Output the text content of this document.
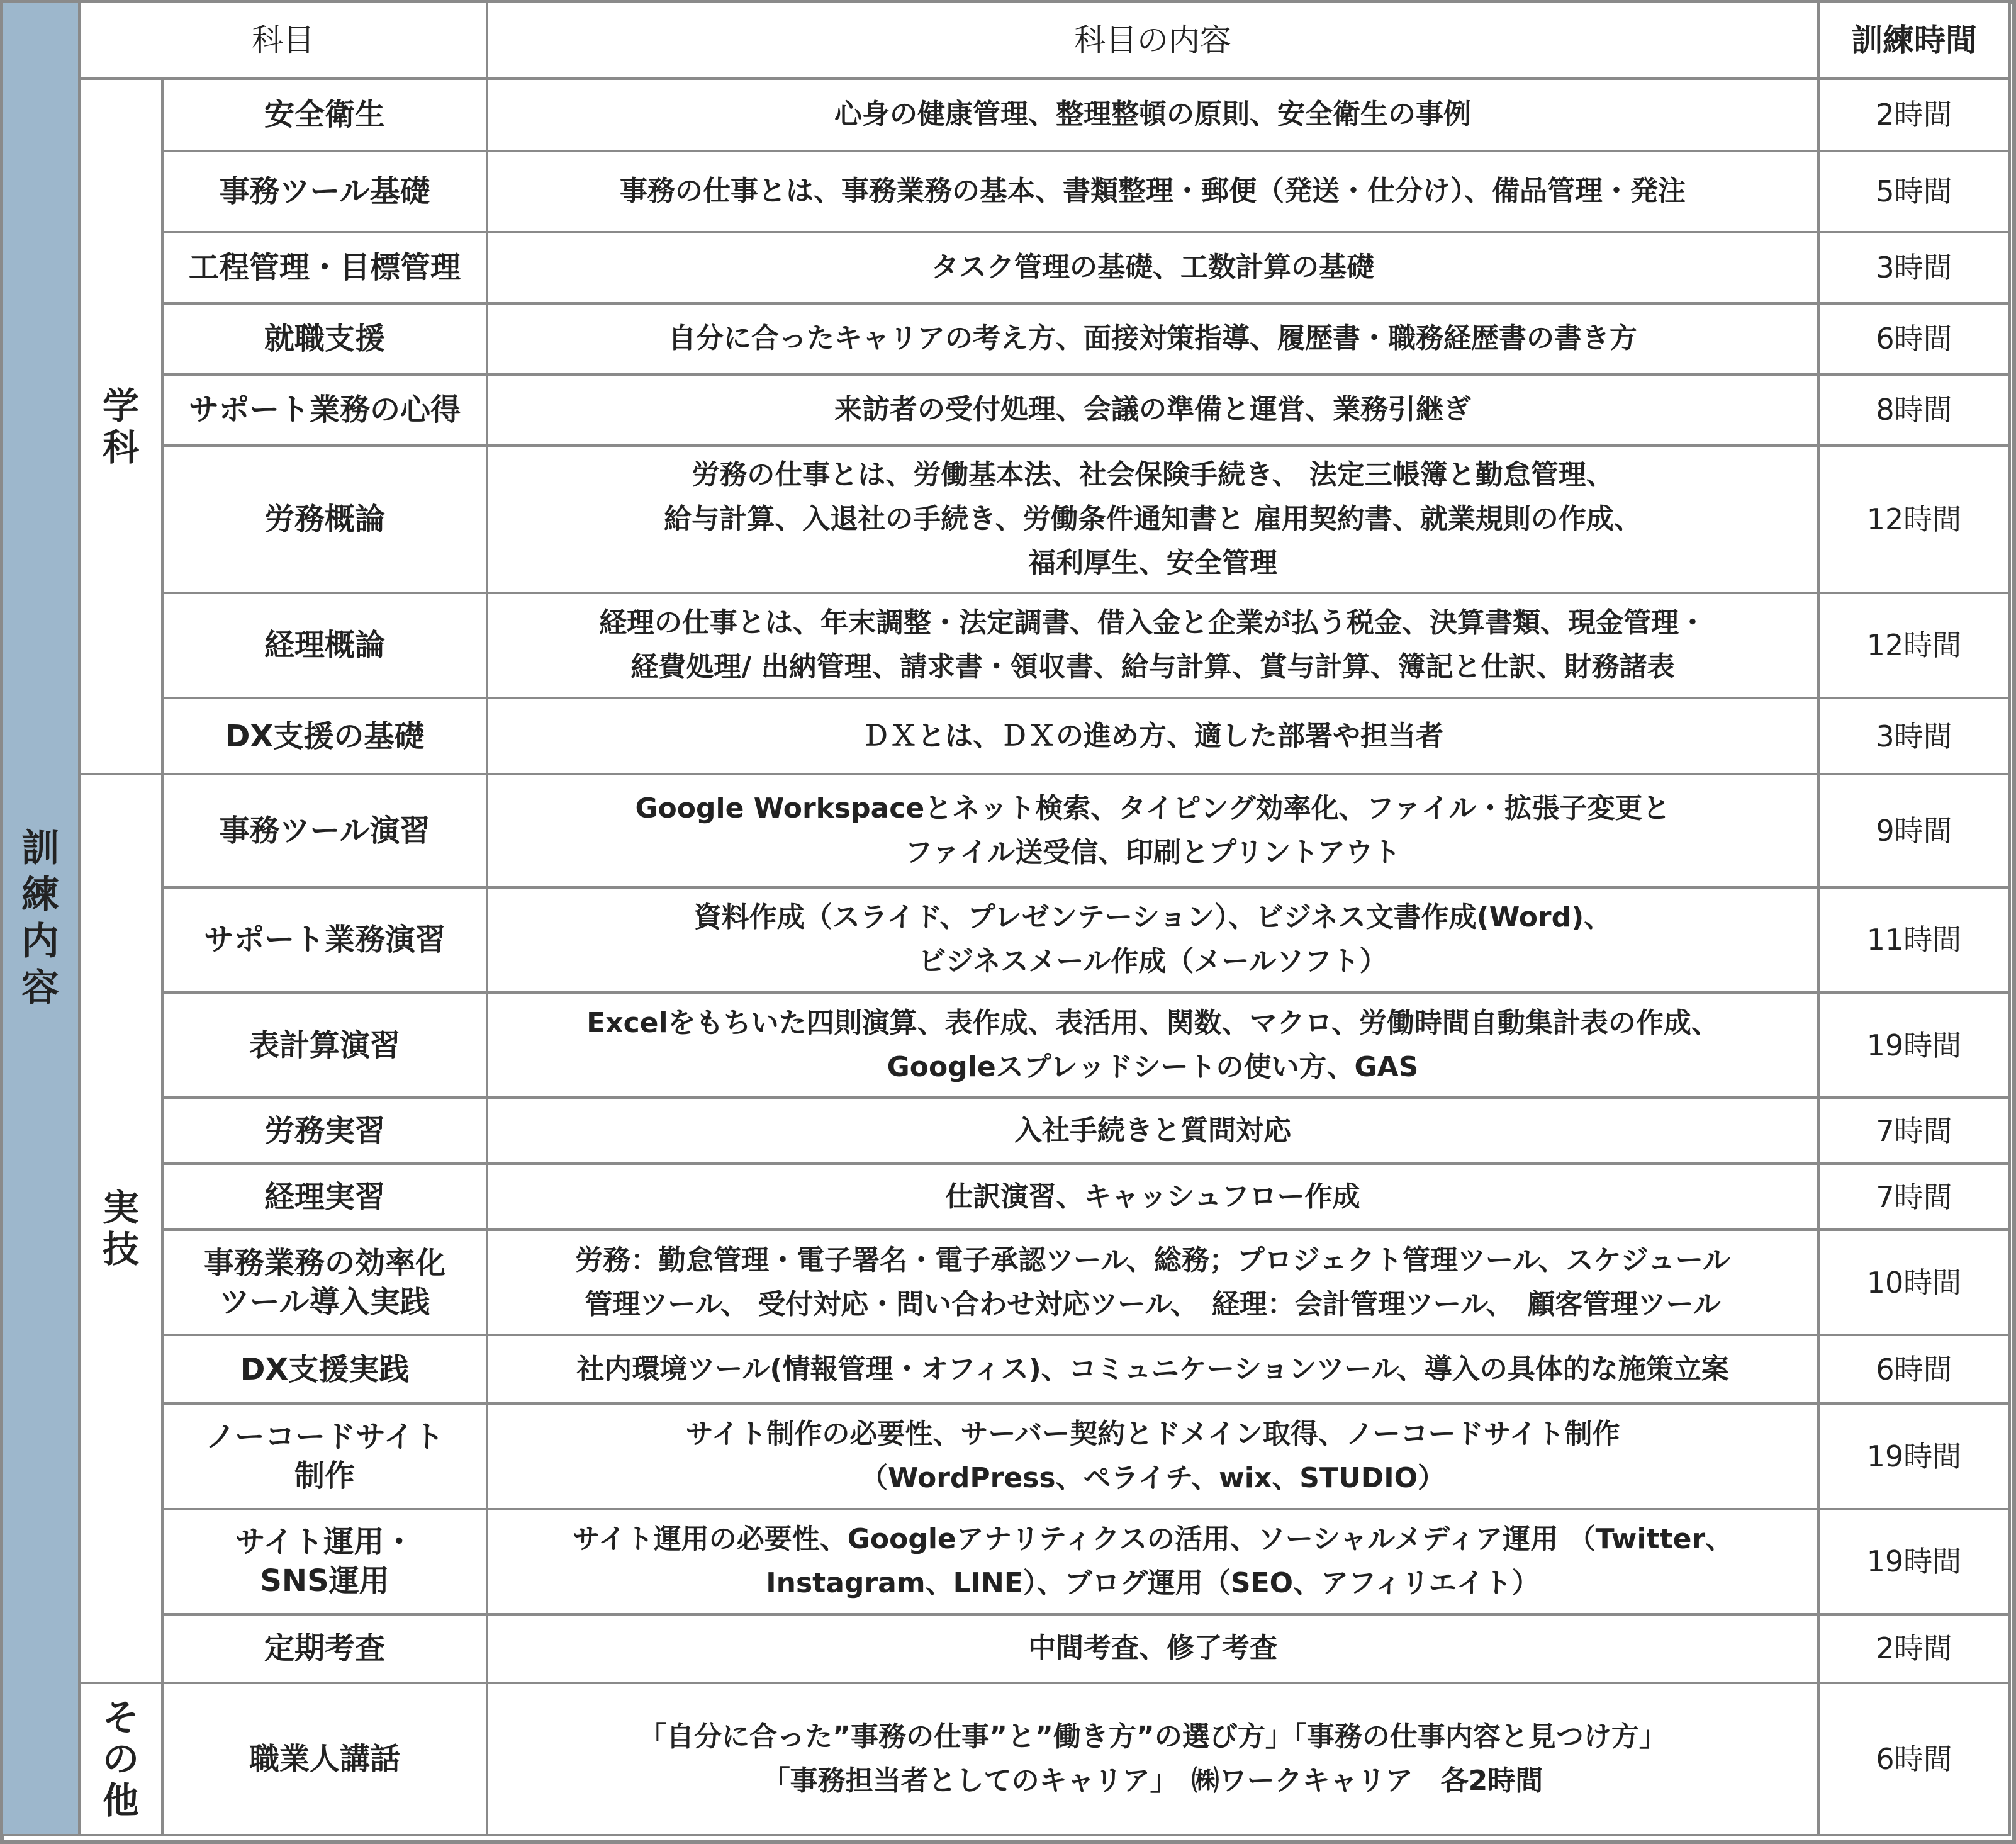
訓練内容	科目		科目の内容	訓練時間
	学科	安全衛生	心身の健康管理、整理整頓の原則、安全衛生の事例	2時間
		事務ツール基礎	事務の仕事とは、事務業務の基本、書類整理・郵便（発送・仕分け）、備品管理・発注	5時間
		工程管理・目標管理	タスク管理の基礎、工数計算の基礎	3時間
		就職支援	自分に合ったキャリアの考え方、面接対策指導、履歴書・職務経歴書の書き方	6時間
		サポート業務の心得	来訪者の受付処理、会議の準備と運営、業務引継ぎ	8時間
		労務概論	労務の仕事とは、労働基本法、社会保険手続き、 法定三帳簿と勤怠管理、
給与計算、入退社の手続き、労働条件通知書と 雇用契約書、就業規則の作成、
福利厚生、安全管理	12時間
		経理概論	経理の仕事とは、年末調整・法定調書、借入金と企業が払う税金、決算書類、現金管理・
経費処理/ 出納管理、請求書・領収書、給与計算、賞与計算、簿記と仕訳、財務諸表	12時間
		DX支援の基礎	ＤＸとは、ＤＸの進め方、適した部署や担当者	3時間
	実技	事務ツール演習	Google Workspaceとネット検索、タイピング効率化、ファイル・拡張子変更と
ファイル送受信、印刷とプリントアウト	9時間
		サポート業務演習	資料作成（スライド、プレゼンテーション）、ビジネス文書作成(Word)、
ビジネスメール作成（メールソフト）	11時間
		表計算演習	Excelをもちいた四則演算、表作成、表活用、関数、マクロ、労働時間自動集計表の作成、
Googleスプレッドシートの使い方、GAS	19時間
		労務実習	入社手続きと質問対応	7時間
		経理実習	仕訳演習、キャッシュフロー作成	7時間
		事務業務の効率化
ツール導入実践	労務：勤怠管理・電子署名・電子承認ツール、総務；プロジェクト管理ツール、スケジュール
管理ツール、 受付対応・問い合わせ対応ツール、　経理：会計管理ツール、　顧客管理ツール	10時間
		DX支援実践	社内環境ツール(情報管理・オフィス)、コミュニケーションツール、導入の具体的な施策立案	6時間
		ノーコードサイト
制作	サイト制作の必要性、サーバー契約とドメイン取得、ノーコードサイト制作
（WordPress、ペライチ、wix、STUDIO）	19時間
		サイト運用・
SNS運用	サイト運用の必要性、Googleアナリティクスの活用、ソーシャルメディア運用 （Twitter、
Instagram、LINE）、ブログ運用（SEO、アフィリエイト）	19時間
		定期考査	中間考査、修了考査	2時間
	その他	職業人講話	「自分に合った”事務の仕事”と”働き方”の選び方」「事務の仕事内容と見つけ方」
「事務担当者としてのキャリア」　㈱ワークキャリア　各2時間	6時間
